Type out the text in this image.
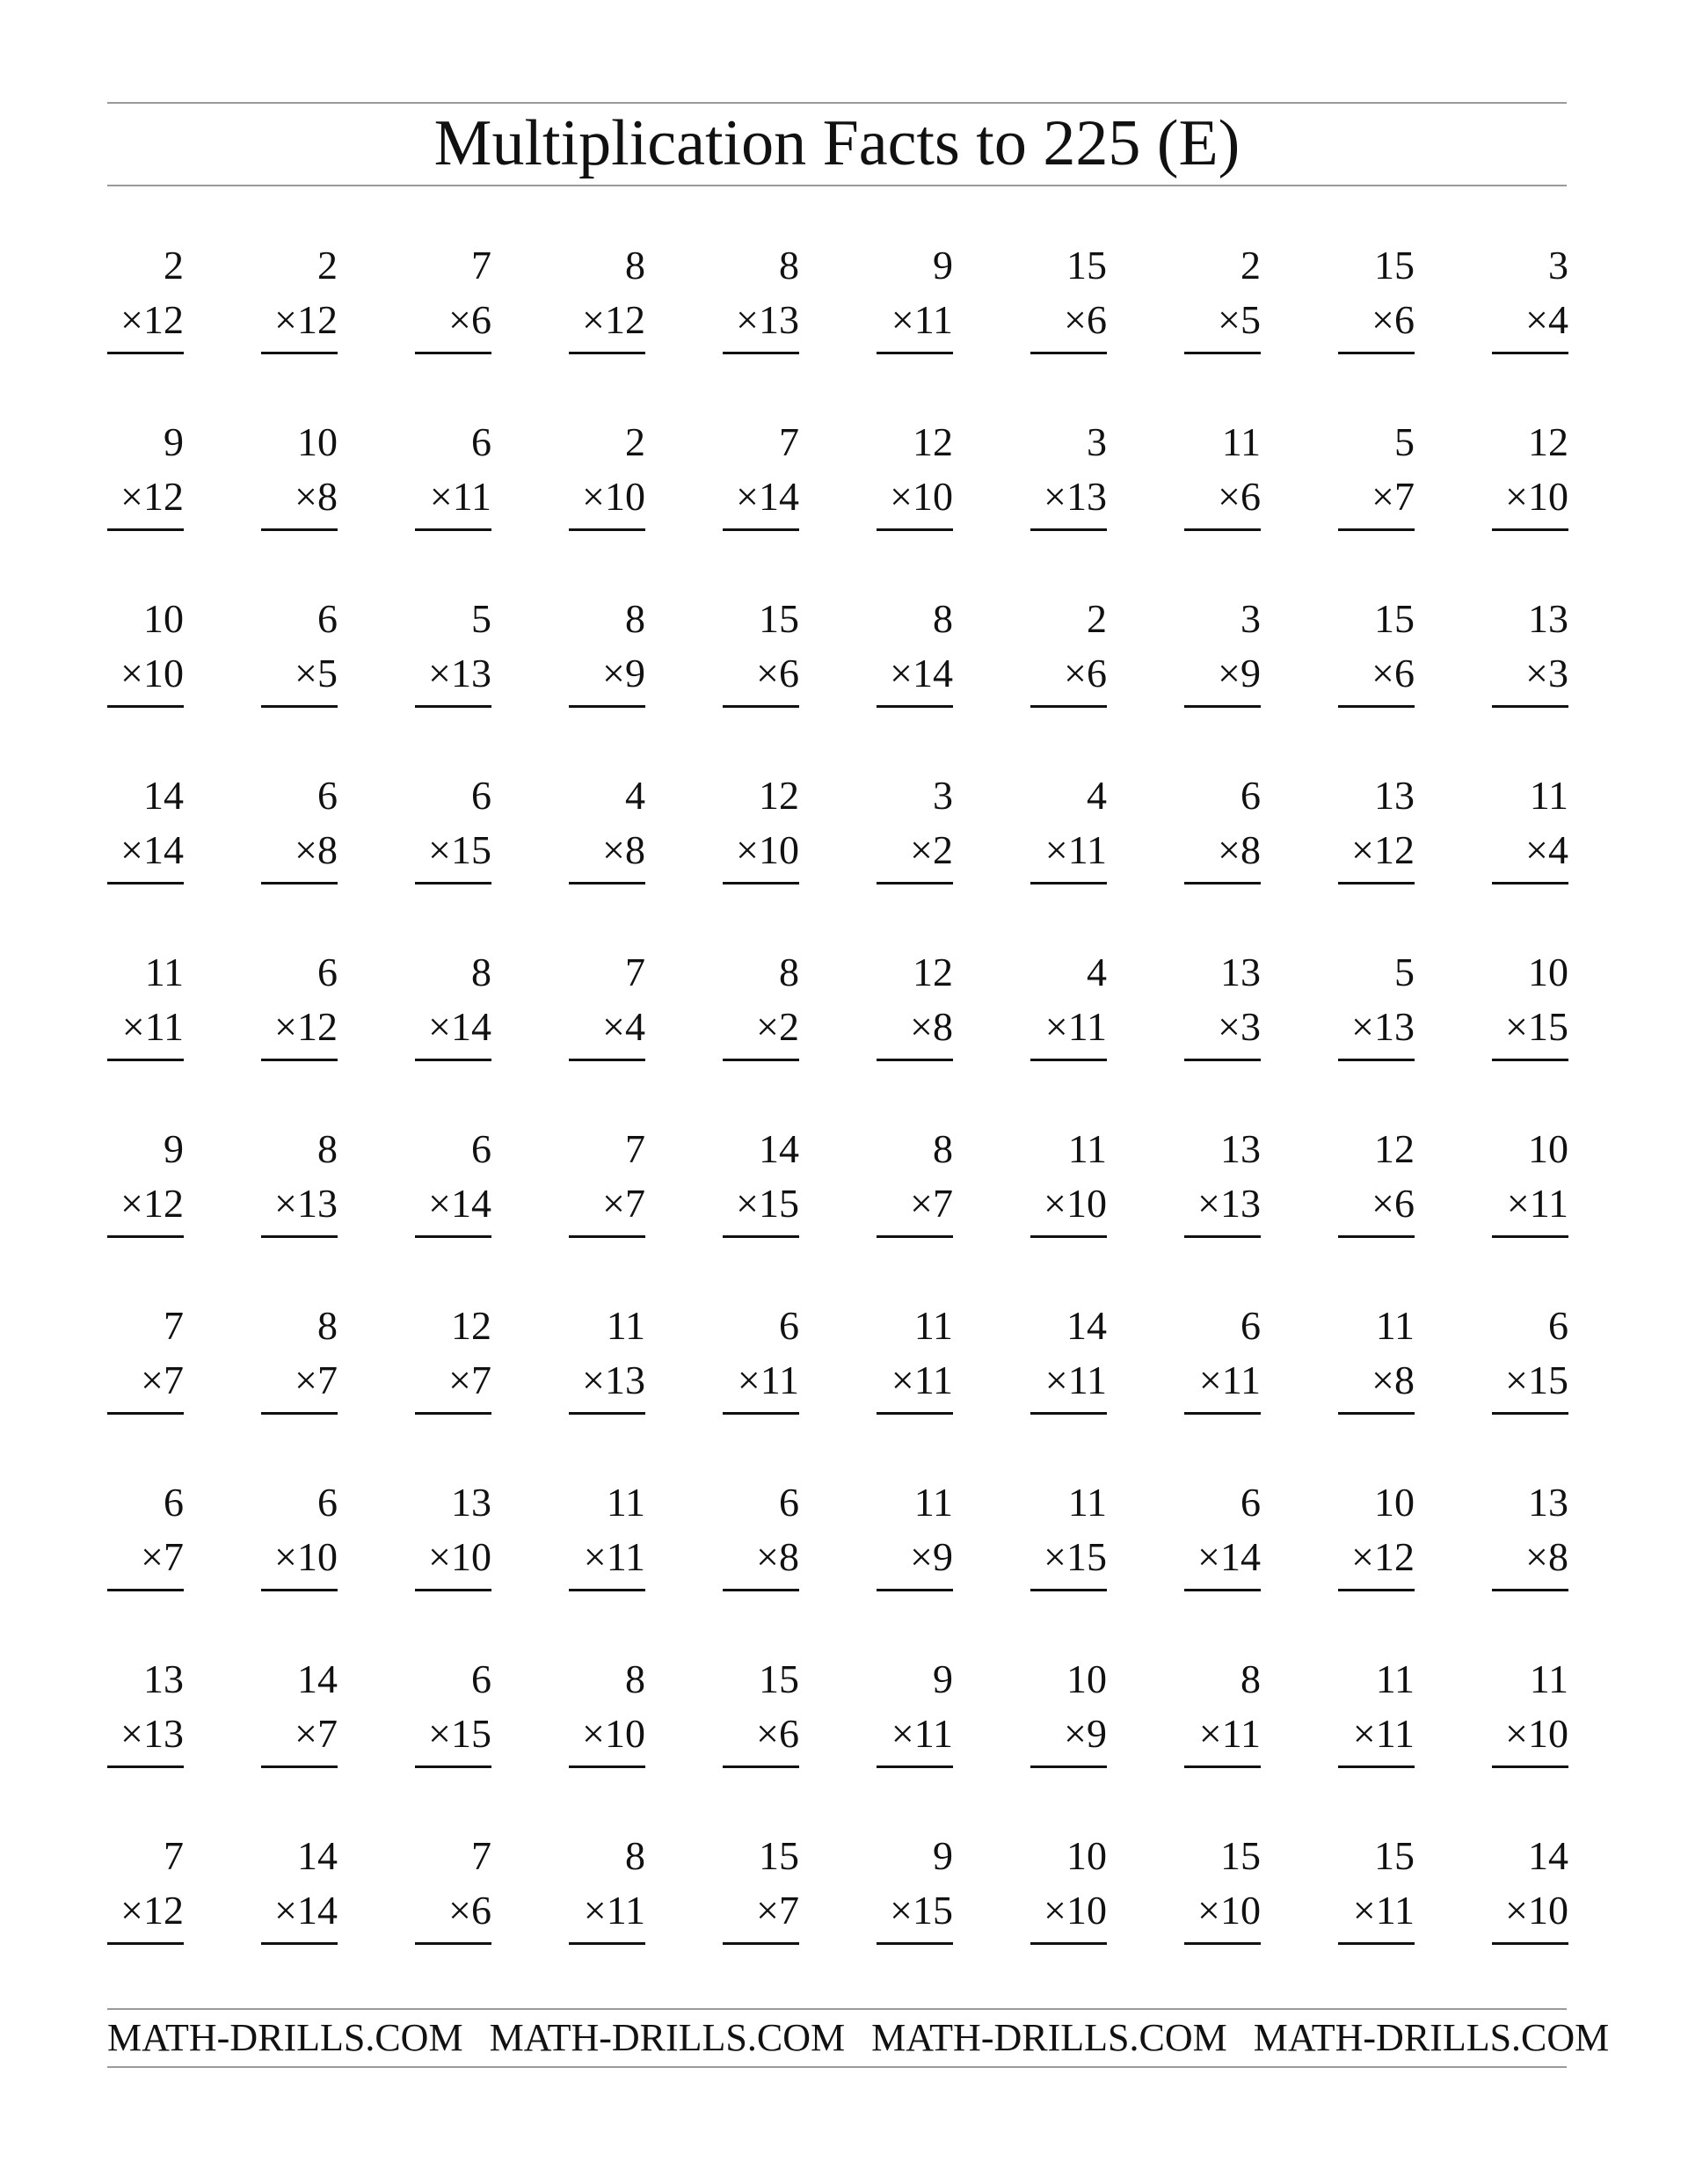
Multiplication Facts to 225 (E)
2
×12
2
×12
7
×6
8
×12
8
×13
9
×11
15
×6
2
×5
15
×6
3
×4
9
×12
10
×8
6
×11
2
×10
7
×14
12
×10
3
×13
11
×6
5
×7
12
×10
10
×10
6
×5
5
×13
8
×9
15
×6
8
×14
2
×6
3
×9
15
×6
13
×3
14
×14
6
×8
6
×15
4
×8
12
×10
3
×2
4
×11
6
×8
13
×12
11
×4
11
×11
6
×12
8
×14
7
×4
8
×2
12
×8
4
×11
13
×3
5
×13
10
×15
9
×12
8
×13
6
×14
7
×7
14
×15
8
×7
11
×10
13
×13
12
×6
10
×11
7
×7
8
×7
12
×7
11
×13
6
×11
11
×11
14
×11
6
×11
11
×8
6
×15
6
×7
6
×10
13
×10
11
×11
6
×8
11
×9
11
×15
6
×14
10
×12
13
×8
13
×13
14
×7
6
×15
8
×10
15
×6
9
×11
10
×9
8
×11
11
×11
11
×10
7
×12
14
×14
7
×6
8
×11
15
×7
9
×15
10
×10
15
×10
15
×11
14
×10
MATH-DRILLS.COM MATH-DRILLS.COM MATH-DRILLS.COM MATH-DRILLS.COM
